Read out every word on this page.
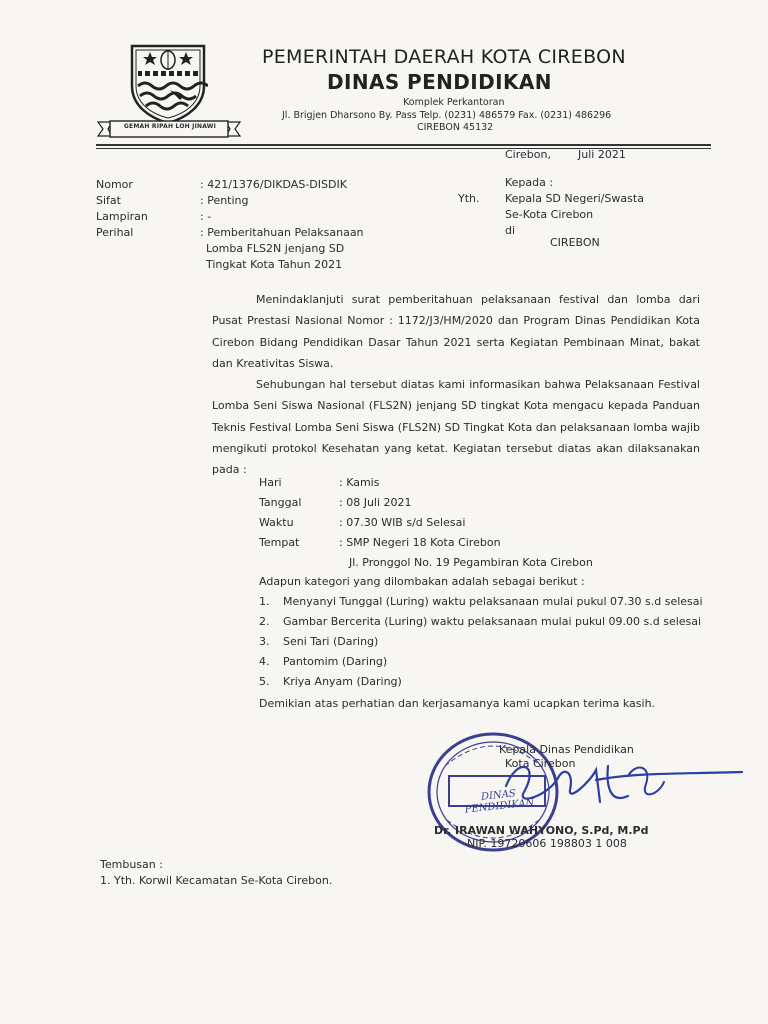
GEMAH RIPAH LOH JINAWI
PEMERINTAH DAERAH KOTA CIREBON
DINAS PENDIDIKAN
Komplek Perkantoran
Jl. Brigjen Dharsono By. Pass Telp. (0231) 486579 Fax. (0231) 486296
CIREBON 45132
Cirebon, Juli 2021
Nomor	: 421/1376/DIKDAS-DISDIK
Sifat	: Penting
Lampiran	: -
Perihal	: Pemberitahuan Pelaksanaan
Lomba FLS2N jenjang SD
Tingkat Kota Tahun 2021
Kepada :
Yth. Kepala SD Negeri/Swasta
Se-Kota Cirebon
di
CIREBON
Menindaklanjuti surat pemberitahuan pelaksanaan festival dan lomba dari Pusat Prestasi Nasional Nomor : 1172/J3/HM/2020 dan Program Dinas Pendidikan Kota Cirebon Bidang Pendidikan Dasar Tahun 2021 serta Kegiatan Pembinaan Minat, bakat dan Kreativitas Siswa.
Sehubungan hal tersebut diatas kami informasikan bahwa Pelaksanaan Festival Lomba Seni Siswa Nasional (FLS2N) jenjang SD tingkat Kota mengacu kepada Panduan Teknis Festival Lomba Seni Siswa (FLS2N) SD Tingkat Kota dan pelaksanaan lomba wajib mengikuti protokol Kesehatan yang ketat. Kegiatan tersebut diatas akan dilaksanakan pada :
Hari	: Kamis
Tanggal	: 08 Juli 2021
Waktu	: 07.30 WIB s/d Selesai
Tempat	: SMP Negeri 18 Kota Cirebon
Jl. Pronggol No. 19 Pegambiran Kota Cirebon
Adapun kategori yang dilombakan adalah sebagai berikut :
1. Menyanyi Tunggal (Luring) waktu pelaksanaan mulai pukul 07.30 s.d selesai
2. Gambar Bercerita (Luring) waktu pelaksanaan mulai pukul 09.00 s.d selesai
3. Seni Tari (Daring)
4. Pantomim (Daring)
5. Kriya Anyam (Daring)
Demikian atas perhatian dan kerjasamanya kami ucapkan terima kasih.
DINAS PENDIDIKAN
Kepala Dinas Pendidikan
Kota Cirebon
Dr. IRAWAN WAHYONO, S.Pd, M.Pd
NIP. 19720606 198803 1 008
Tembusan :
1. Yth. Korwil Kecamatan Se-Kota Cirebon.
